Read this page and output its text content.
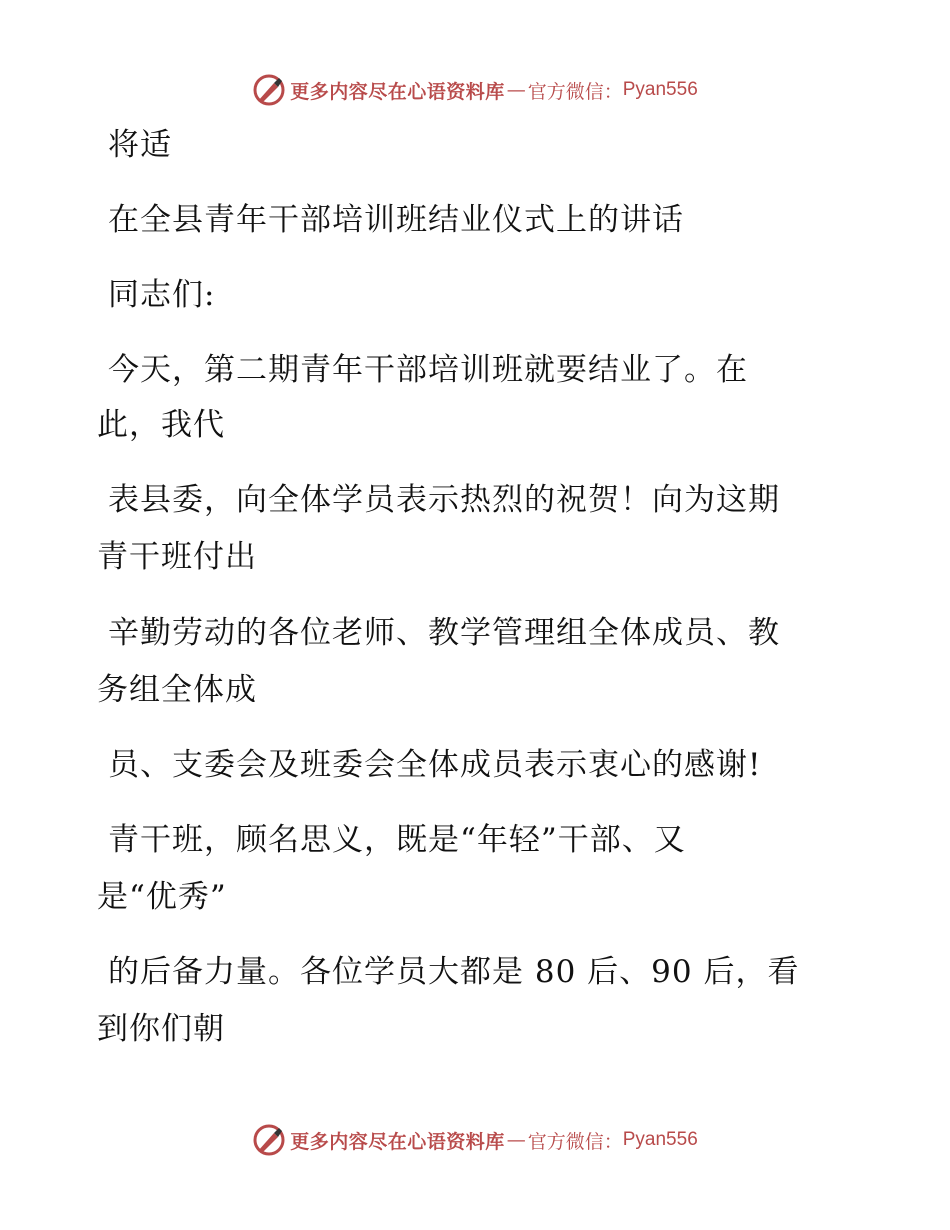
更多内容尽在心语资料库 — 官方微信： Pyan556
将适
在全县青年干部培训班结业仪式上的讲话
同志们:
今天，第二期青年干部培训班就要结业了。在
此，我代
表县委，向全体学员表示热烈的祝贺！向为这期
青干班付出
辛勤劳动的各位老师、教学管理组全体成员、教
务组全体成
员、支委会及班委会全体成员表示衷心的感谢!
青干班，顾名思义，既是“年轻”干部、又
是“优秀”
的后备力量。各位学员大都是 80 后、90 后，看
到你们朝
更多内容尽在心语资料库 — 官方微信： Pyan556
